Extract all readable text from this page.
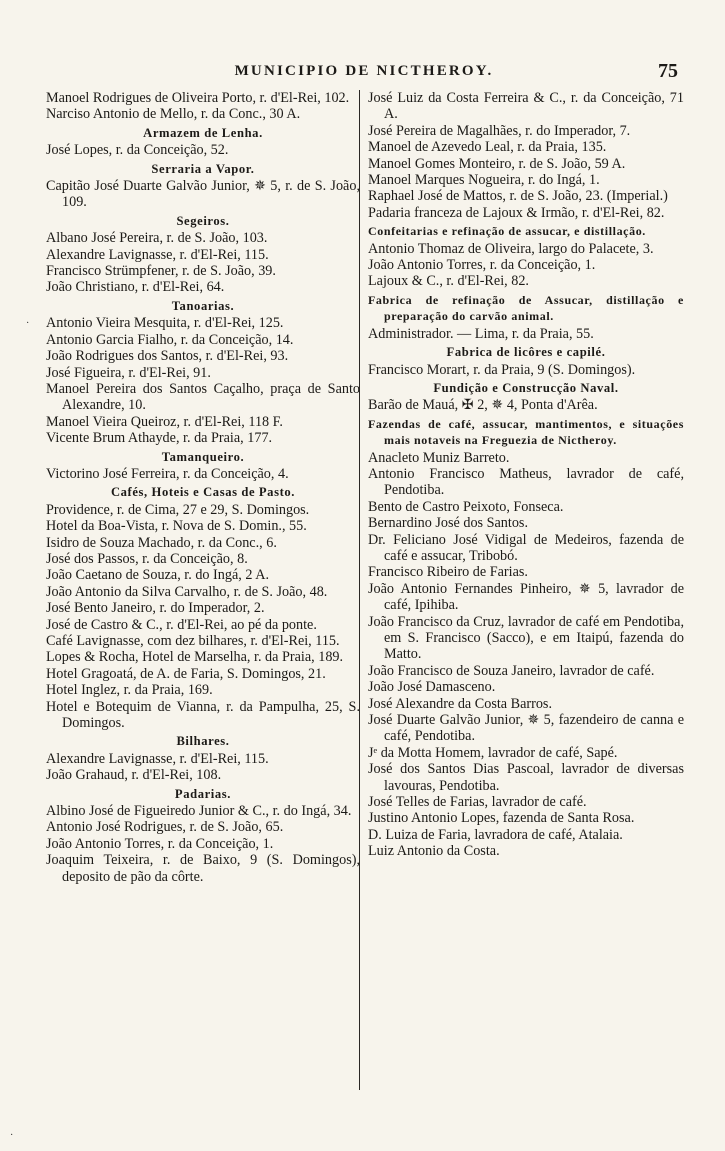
MUNICIPIO DE NICTHEROY.	75

Manoel Rodrigues de Oliveira Porto, r. d'El-Rei, 102.

Narciso Antonio de Mello, r. da Conc., 30 A.

Armazem de Lenha.

José Lopes, r. da Conceição, 52.

Serraria a Vapor.

Capitão José Duarte Galvão Junior, ✵ 5, r. de S. João, 109.

Segeiros.

Albano José Pereira, r. de S. João, 103.

Alexandre Lavignasse, r. d'El-Rei, 115.

Francisco Strümpfener, r. de S. João, 39.

João Christiano, r. d'El-Rei, 64.

Tanoarias.

Antonio Vieira Mesquita, r. d'El-Rei, 125.

Antonio Garcia Fialho, r. da Conceição, 14.

João Rodrigues dos Santos, r. d'El-Rei, 93.

José Figueira, r. d'El-Rei, 91.

Manoel Pereira dos Santos Caçalho, praça de Santo Alexandre, 10.

Manoel Vieira Queiroz, r. d'El-Rei, 118 F.

Vicente Brum Athayde, r. da Praia, 177.

Tamanqueiro.

Victorino José Ferreira, r. da Conceição, 4.

Cafés, Hoteis e Casas de Pasto.

Providence, r. de Cima, 27 e 29, S. Domingos.

Hotel da Boa-Vista, r. Nova de S. Domin., 55.

Isidro de Souza Machado, r. da Conc., 6.

José dos Passos, r. da Conceição, 8.

João Caetano de Souza, r. do Ingá, 2 A.

João Antonio da Silva Carvalho, r. de S. João, 48.

José Bento Janeiro, r. do Imperador, 2.

José de Castro & C., r. d'El-Rei, ao pé da ponte.

Café Lavignasse, com dez bilhares, r. d'El-Rei, 115.

Lopes & Rocha, Hotel de Marselha, r. da Praia, 189.

Hotel Gragoatá, de A. de Faria, S. Domingos, 21.

Hotel Inglez, r. da Praia, 169.

Hotel e Botequim de Vianna, r. da Pampulha, 25, S. Domingos.

Bilhares.

Alexandre Lavignasse, r. d'El-Rei, 115.

João Grahaud, r. d'El-Rei, 108.

Padarias.

Albino José de Figueiredo Junior & C., r. do Ingá, 34.

Antonio José Rodrigues, r. de S. João, 65.

João Antonio Torres, r. da Conceição, 1.

Joaquim Teixeira, r. de Baixo, 9 (S. Domingos), deposito de pão da côrte.

José Luiz da Costa Ferreira & C., r. da Conceição, 71 A.

José Pereira de Magalhães, r. do Imperador, 7.

Manoel de Azevedo Leal, r. da Praia, 135.

Manoel Gomes Monteiro, r. de S. João, 59 A.

Manoel Marques Nogueira, r. do Ingá, 1.

Raphael José de Mattos, r. de S. João, 23. (Imperial.)

Padaria franceza de Lajoux & Irmão, r. d'El-Rei, 82.

Confeitarias e refinação de assucar, e distillação.

Antonio Thomaz de Oliveira, largo do Palacete, 3.

João Antonio Torres, r. da Conceição, 1.

Lajoux & C., r. d'El-Rei, 82.

Fabrica de refinação de Assucar, distillação e preparação do carvão animal.

Administrador. — Lima, r. da Praia, 55.

Fabrica de licôres e capilé.

Francisco Morart, r. da Praia, 9 (S. Domingos).

Fundição e Construcção Naval.

Barão de Mauá, ✠ 2, ✵ 4, Ponta d'Arêa.

Fazendas de café, assucar, mantimentos, e situações mais notaveis na Freguezia de Nictheroy.

Anacleto Muniz Barreto.

Antonio Francisco Matheus, lavrador de café, Pendotiba.

Bento de Castro Peixoto, Fonseca.

Bernardino José dos Santos.

Dr. Feliciano José Vidigal de Medeiros, fazenda de café e assucar, Tribobó.

Francisco Ribeiro de Farias.

João Antonio Fernandes Pinheiro, ✵ 5, lavrador de café, Ipihiba.

João Francisco da Cruz, lavrador de café em Pendotiba, em S. Francisco (Sacco), e em Itaipú, fazenda do Matto.

João Francisco de Souza Janeiro, lavrador de café.

João José Damasceno.

José Alexandre da Costa Barros.

José Duarte Galvão Junior, ✵ 5, fazendeiro de canna e café, Pendotiba.

Jᵉ da Motta Homem, lavrador de café, Sapé.

José dos Santos Dias Pascoal, lavrador de diversas lavouras, Pendotiba.

José Telles de Farias, lavrador de café.

Justino Antonio Lopes, fazenda de Santa Rosa.

D. Luiza de Faria, lavradora de café, Atalaia.

Luiz Antonio da Costa.

·
·
